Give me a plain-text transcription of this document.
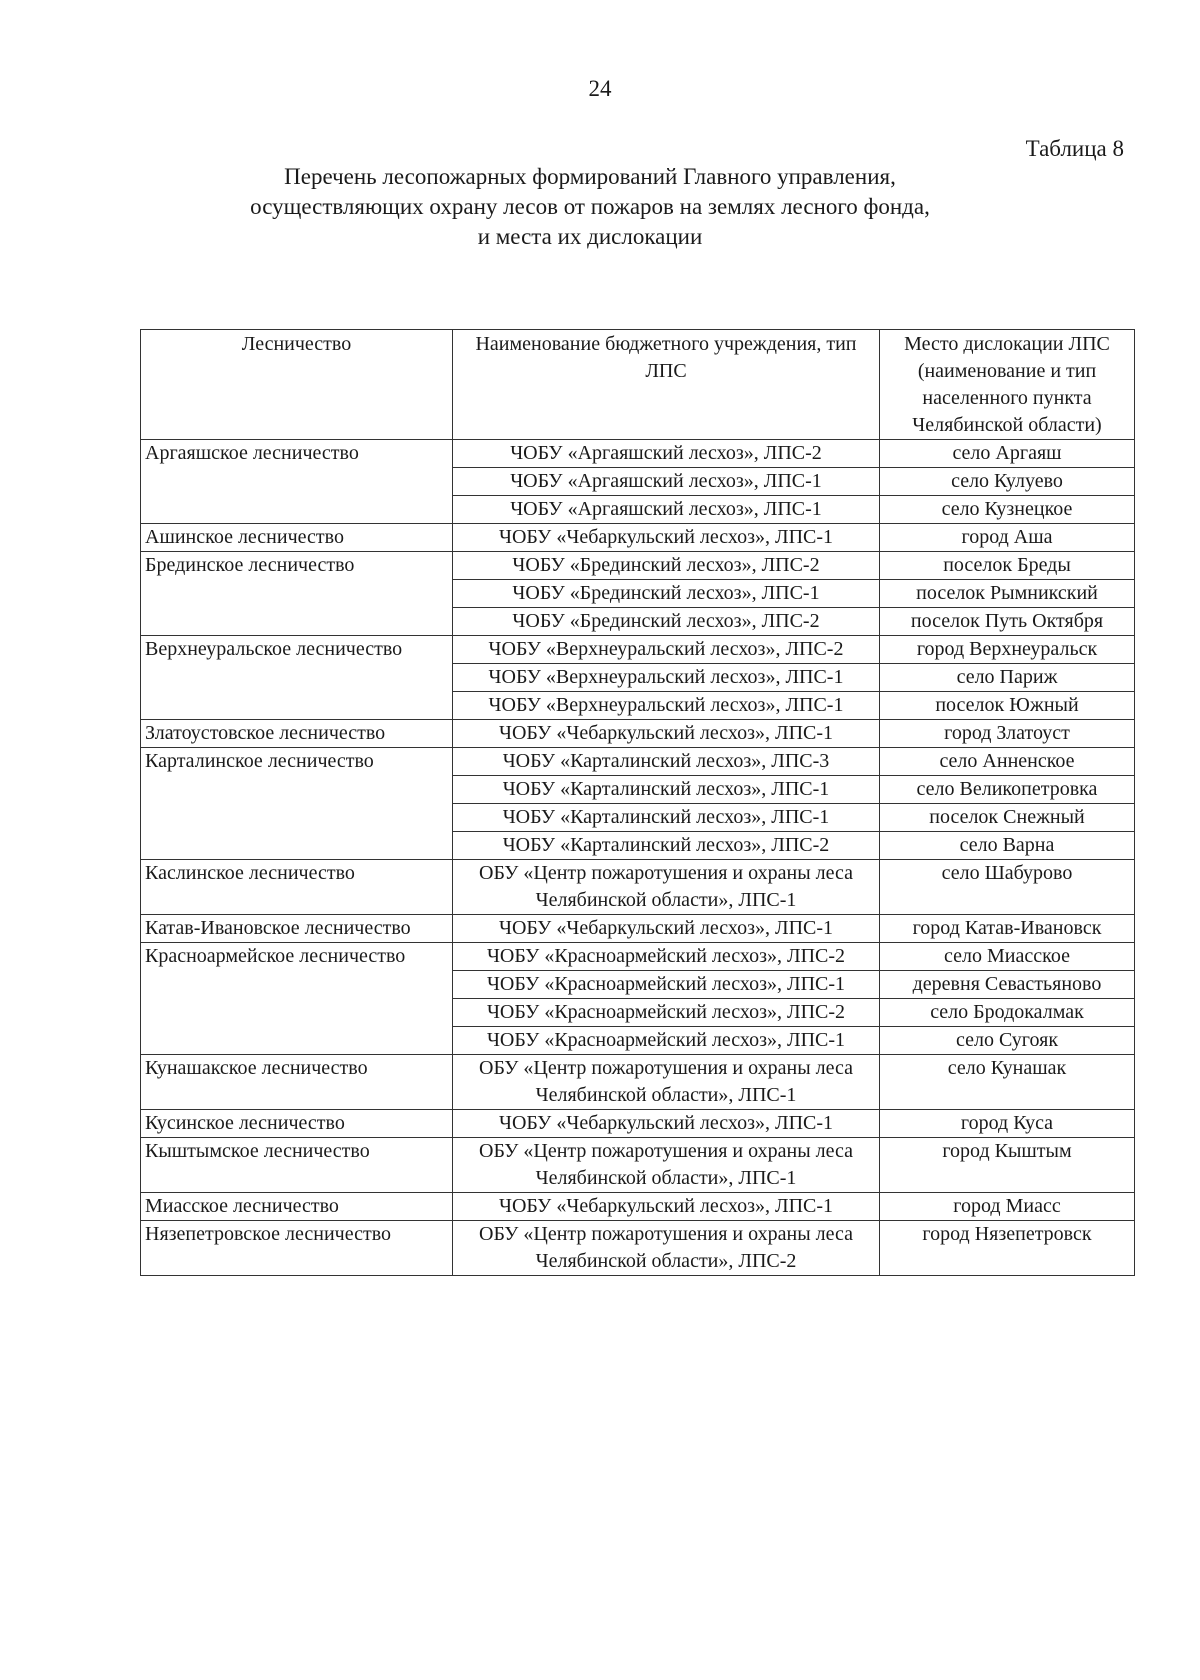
24
Таблица 8
Перечень лесопожарных формирований Главного управления,
осуществляющих охрану лесов от пожаров на землях лесного фонда,
и места их дислокации
Лесничество	Наименование бюджетного учреждения, тип ЛПС	Место дислокации ЛПС (наименование и тип населенного пункта Челябинской области)
Аргаяшское лесничество	ЧОБУ «Аргаяшский лесхоз», ЛПС-2	село Аргаяш
	ЧОБУ «Аргаяшский лесхоз», ЛПС-1	село Кулуево
	ЧОБУ «Аргаяшский лесхоз», ЛПС-1	село Кузнецкое
Ашинское лесничество	ЧОБУ «Чебаркульский лесхоз», ЛПС-1	город Аша
Брединское лесничество	ЧОБУ «Брединский лесхоз», ЛПС-2	поселок Бреды
	ЧОБУ «Брединский лесхоз», ЛПС-1	поселок Рымникский
	ЧОБУ «Брединский лесхоз», ЛПС-2	поселок Путь Октября
Верхнеуральское лесничество	ЧОБУ «Верхнеуральский лесхоз», ЛПС-2	город Верхнеуральск
	ЧОБУ «Верхнеуральский лесхоз», ЛПС-1	село Париж
	ЧОБУ «Верхнеуральский лесхоз», ЛПС-1	поселок Южный
Златоустовское лесничество	ЧОБУ «Чебаркульский лесхоз», ЛПС-1	город Златоуст
Карталинское лесничество	ЧОБУ «Карталинский лесхоз», ЛПС-3	село Анненское
	ЧОБУ «Карталинский лесхоз», ЛПС-1	село Великопетровка
	ЧОБУ «Карталинский лесхоз», ЛПС-1	поселок Снежный
	ЧОБУ «Карталинский лесхоз», ЛПС-2	село Варна
Каслинское лесничество	ОБУ «Центр пожаротушения и охраны леса Челябинской области», ЛПС-1	село Шабурово
Катав-Ивановское лесничество	ЧОБУ «Чебаркульский лесхоз», ЛПС-1	город Катав-Ивановск
Красноармейское лесничество	ЧОБУ «Красноармейский лесхоз», ЛПС-2	село Миасское
	ЧОБУ «Красноармейский лесхоз», ЛПС-1	деревня Севастьяново
	ЧОБУ «Красноармейский лесхоз», ЛПС-2	село Бродокалмак
	ЧОБУ «Красноармейский лесхоз», ЛПС-1	село Сугояк
Кунашакское лесничество	ОБУ «Центр пожаротушения и охраны леса Челябинской области», ЛПС-1	село Кунашак
Кусинское лесничество	ЧОБУ «Чебаркульский лесхоз», ЛПС-1	город Куса
Кыштымское лесничество	ОБУ «Центр пожаротушения и охраны леса Челябинской области», ЛПС-1	город Кыштым
Миасское лесничество	ЧОБУ «Чебаркульский лесхоз», ЛПС-1	город Миасс
Нязепетровское лесничество	ОБУ «Центр пожаротушения и охраны леса Челябинской области», ЛПС-2	город Нязепетровск
